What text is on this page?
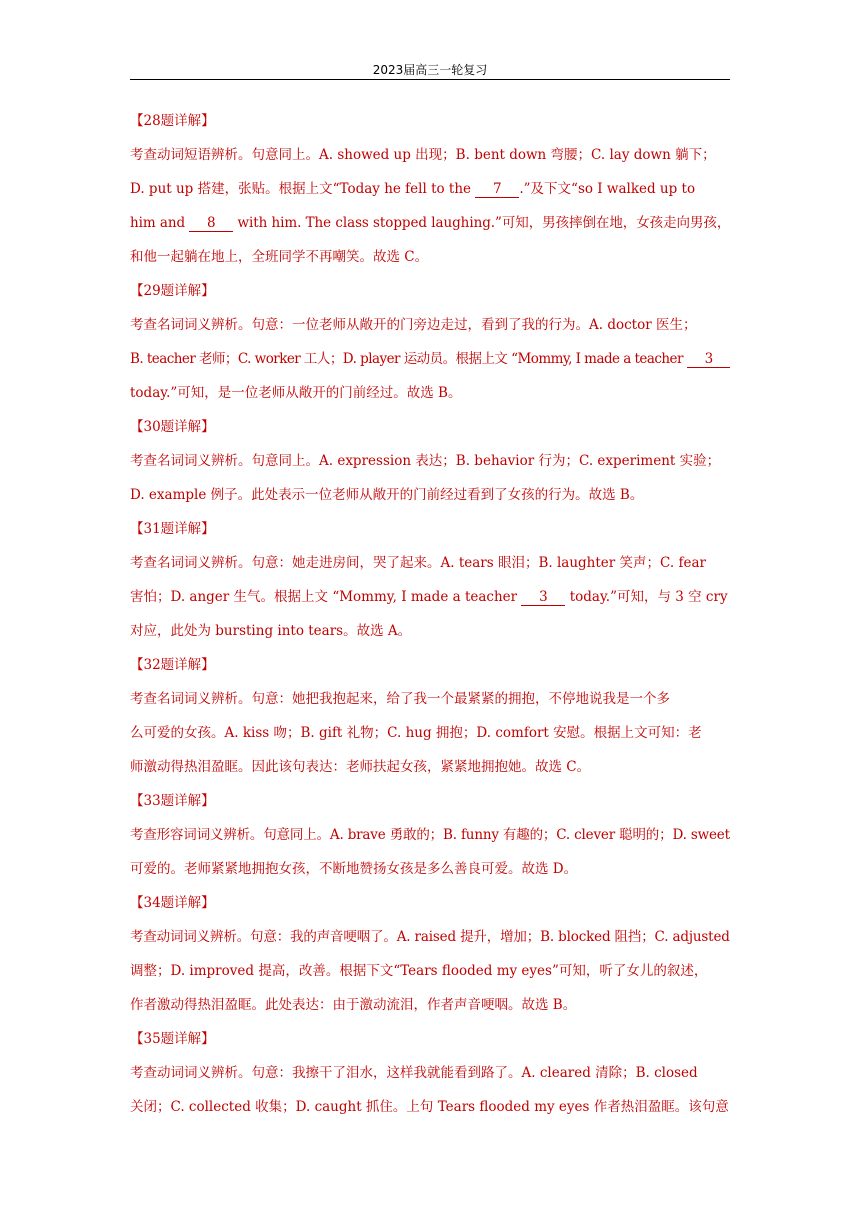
2023届高三一轮复习
【28题详解】
考查动词短语辨析。句意同上。A. showed up 出现；B. bent down 弯腰；C. lay down 躺下；
D. put up 搭建，张贴。根据上文“Today he fell to the 7 .”及下文“so I walked up to
him and 8 with him. The class stopped laughing.”可知，男孩摔倒在地，女孩走向男孩，
和他一起躺在地上，全班同学不再嘲笑。故选 C。
【29题详解】
考查名词词义辨析。句意：一位老师从敞开的门旁边走过，看到了我的行为。A. doctor 医生；
B. teacher 老师；C. worker 工人；D. player 运动员。根据上文 “Mommy, I made a teacher 3
today.”可知，是一位老师从敞开的门前经过。故选 B。
【30题详解】
考查名词词义辨析。句意同上。A. expression 表达；B. behavior 行为；C. experiment 实验；
D. example 例子。此处表示一位老师从敞开的门前经过看到了女孩的行为。故选 B。
【31题详解】
考查名词词义辨析。句意：她走进房间，哭了起来。A. tears 眼泪；B. laughter 笑声；C. fear
害怕；D. anger 生气。根据上文 “Mommy, I made a teacher 3 today.”可知，与 3 空 cry
对应，此处为 bursting into tears。故选 A。
【32题详解】
考查名词词义辨析。句意：她把我抱起来，给了我一个最紧紧的拥抱，不停地说我是一个多
么可爱的女孩。A. kiss 吻；B. gift 礼物；C. hug 拥抱；D. comfort 安慰。根据上文可知：老
师激动得热泪盈眶。因此该句表达：老师扶起女孩，紧紧地拥抱她。故选 C。
【33题详解】
考查形容词词义辨析。句意同上。A. brave 勇敢的；B. funny 有趣的；C. clever 聪明的；D. sweet
可爱的。老师紧紧地拥抱女孩，不断地赞扬女孩是多么善良可爱。故选 D。
【34题详解】
考查动词词义辨析。句意：我的声音哽咽了。A. raised 提升，增加；B. blocked 阻挡；C. adjusted
调整；D. improved 提高，改善。根据下文“Tears flooded my eyes”可知，听了女儿的叙述，
作者激动得热泪盈眶。此处表达：由于激动流泪，作者声音哽咽。故选 B。
【35题详解】
考查动词词义辨析。句意：我擦干了泪水，这样我就能看到路了。A. cleared 清除；B. closed
关闭；C. collected 收集；D. caught 抓住。上句 Tears flooded my eyes 作者热泪盈眶。该句意
